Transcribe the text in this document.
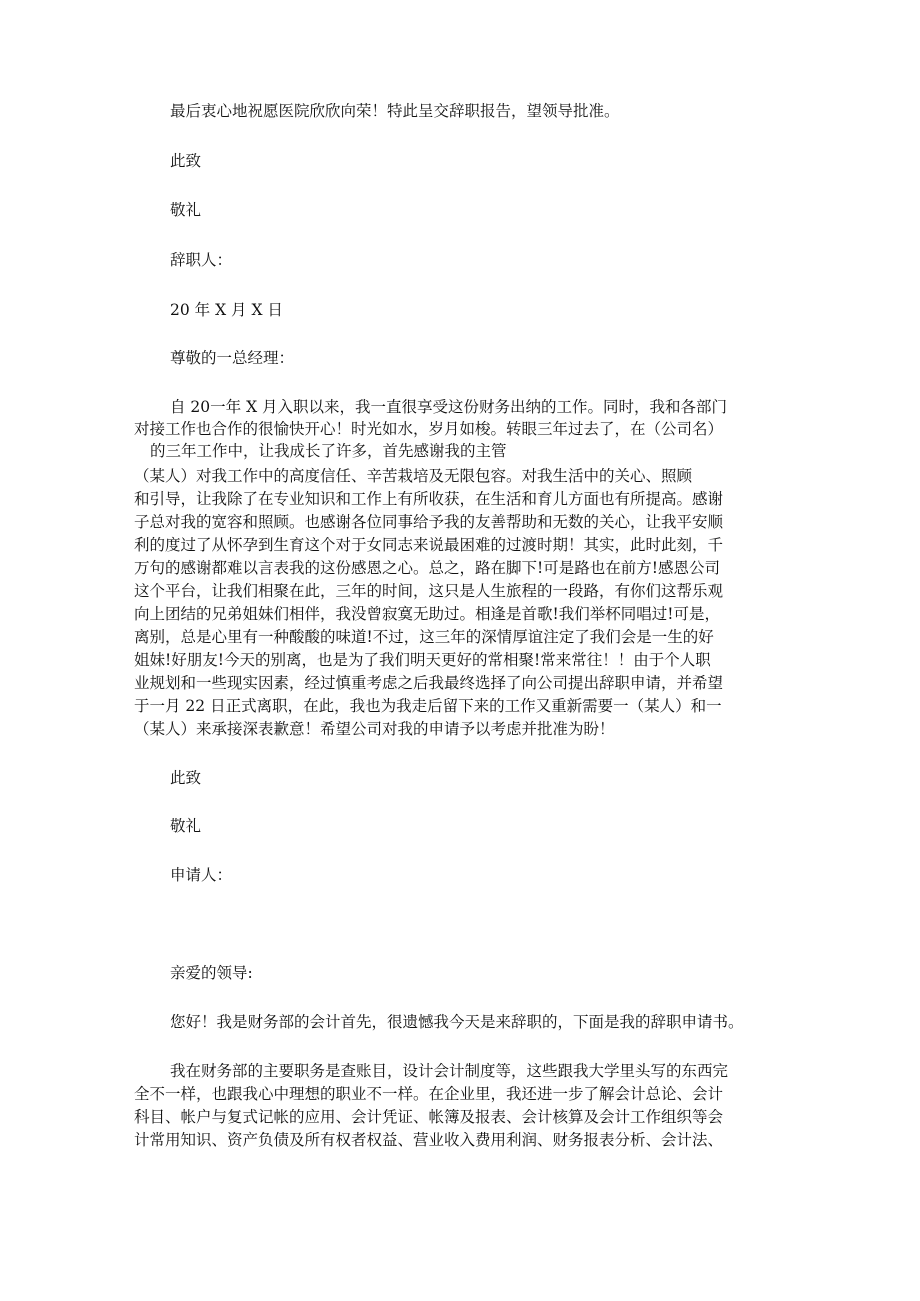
最后衷心地祝愿医院欣欣向荣！特此呈交辞职报告，望领导批准。

此致

敬礼

辞职人：

20 年 X 月 X 日

尊敬的一总经理：

自 20一年 X 月入职以来，我一直很享受这份财务出纳的工作。同时，我和各部门

对接工作也合作的很愉快开心！时光如水，岁月如梭。转眼三年过去了，在（公司名）

的三年工作中，让我成长了许多，首先感谢我的主管

（某人）对我工作中的高度信任、辛苦栽培及无限包容。对我生活中的关心、照顾

和引导，让我除了在专业知识和工作上有所收获，在生活和育儿方面也有所提高。感谢

子总对我的宽容和照顾。也感谢各位同事给予我的友善帮助和无数的关心，让我平安顺

利的度过了从怀孕到生育这个对于女同志来说最困难的过渡时期！其实，此时此刻，千

万句的感谢都难以言表我的这份感恩之心。总之，路在脚下!可是路也在前方!感恩公司

这个平台，让我们相聚在此，三年的时间，这只是人生旅程的一段路，有你们这帮乐观

向上团结的兄弟姐妹们相伴，我没曾寂寞无助过。相逢是首歌!我们举杯同唱过!可是，

离别，总是心里有一种酸酸的味道!不过，这三年的深情厚谊注定了我们会是一生的好

姐妹!好朋友!今天的别离，也是为了我们明天更好的常相聚!常来常往！！由于个人职

业规划和一些现实因素，经过慎重考虑之后我最终选择了向公司提出辞职申请，并希望

于一月 22 日正式离职，在此，我也为我走后留下来的工作又重新需要一（某人）和一

（某人）来承接深表歉意！希望公司对我的申请予以考虑并批准为盼！

此致

敬礼

申请人：

亲爱的领导:

您好！我是财务部的会计首先，很遗憾我今天是来辞职的，下面是我的辞职申请书。

我在财务部的主要职务是查账目，设计会计制度等，这些跟我大学里头写的东西完

全不一样，也跟我心中理想的职业不一样。在企业里，我还进一步了解会计总论、会计

科目、帐户与复式记帐的应用、会计凭证、帐簿及报表、会计核算及会计工作组织等会

计常用知识、资产负债及所有权者权益、营业收入费用利润、财务报表分析、会计法、
